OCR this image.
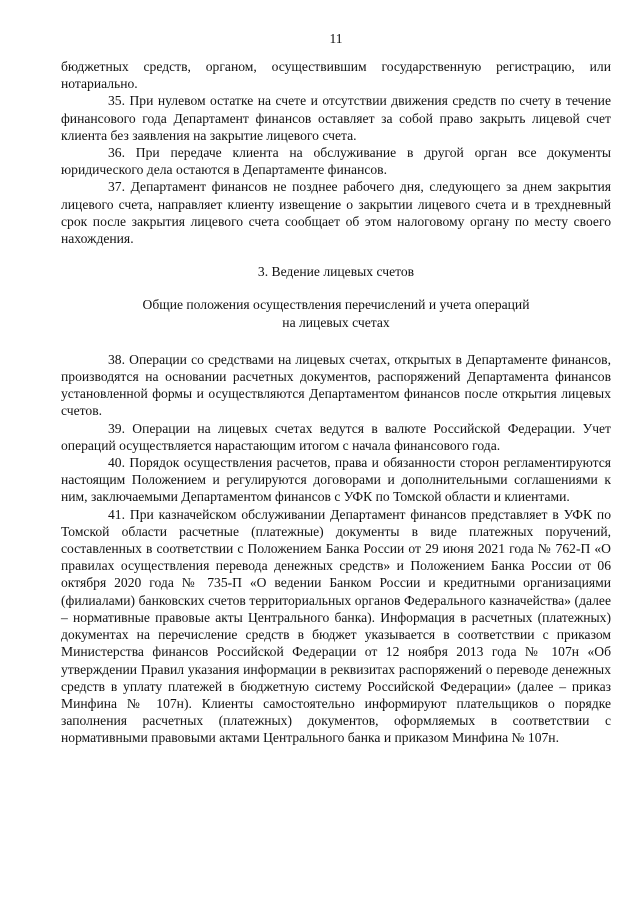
11

бюджетных средств, органом, осуществившим государственную регистрацию, или нотариально.

35. При нулевом остатке на счете и отсутствии движения средств по счету в течение финансового года Департамент финансов оставляет за собой право закрыть лицевой счет клиента без заявления на закрытие лицевого счета.

36. При передаче клиента на обслуживание в другой орган все документы юридического дела остаются в Департаменте финансов.

37. Департамент финансов не позднее рабочего дня, следующего за днем закрытия лицевого счета, направляет клиенту извещение о закрытии лицевого счета и в трехдневный срок после закрытия лицевого счета сообщает об этом налоговому органу по месту своего нахождения.

3. Ведение лицевых счетов

Общие положения осуществления перечислений и учета операций
на лицевых счетах

38. Операции со средствами на лицевых счетах, открытых в Департаменте финансов, производятся на основании расчетных документов, распоряжений Департамента финансов установленной формы и осуществляются Департаментом финансов после открытия лицевых счетов.

39. Операции на лицевых счетах ведутся в валюте Российской Федерации. Учет операций осуществляется нарастающим итогом с начала финансового года.

40. Порядок осуществления расчетов, права и обязанности сторон регламентируются настоящим Положением и регулируются договорами и дополнительными соглашениями к ним, заключаемыми Департаментом финансов с УФК по Томской области и клиентами.

41. При казначейском обслуживании Департамент финансов представляет в УФК по Томской области расчетные (платежные) документы в виде платежных поручений, составленных в соответствии с Положением Банка России от 29 июня 2021 года № 762-П «О правилах осуществления перевода денежных средств» и Положением Банка России от 06 октября 2020 года № 735-П «О ведении Банком России и кредитными организациями (филиалами) банковских счетов территориальных органов Федерального казначейства» (далее – нормативные правовые акты Центрального банка). Информация в расчетных (платежных) документах на перечисление средств в бюджет указывается в соответствии с приказом Министерства финансов Российской Федерации от 12 ноября 2013 года № 107н «Об утверждении Правил указания информации в реквизитах распоряжений о переводе денежных средств в уплату платежей в бюджетную систему Российской Федерации» (далее – приказ Минфина № 107н). Клиенты самостоятельно информируют плательщиков о порядке заполнения расчетных (платежных) документов, оформляемых в соответствии с нормативными правовыми актами Центрального банка и приказом Минфина № 107н.
